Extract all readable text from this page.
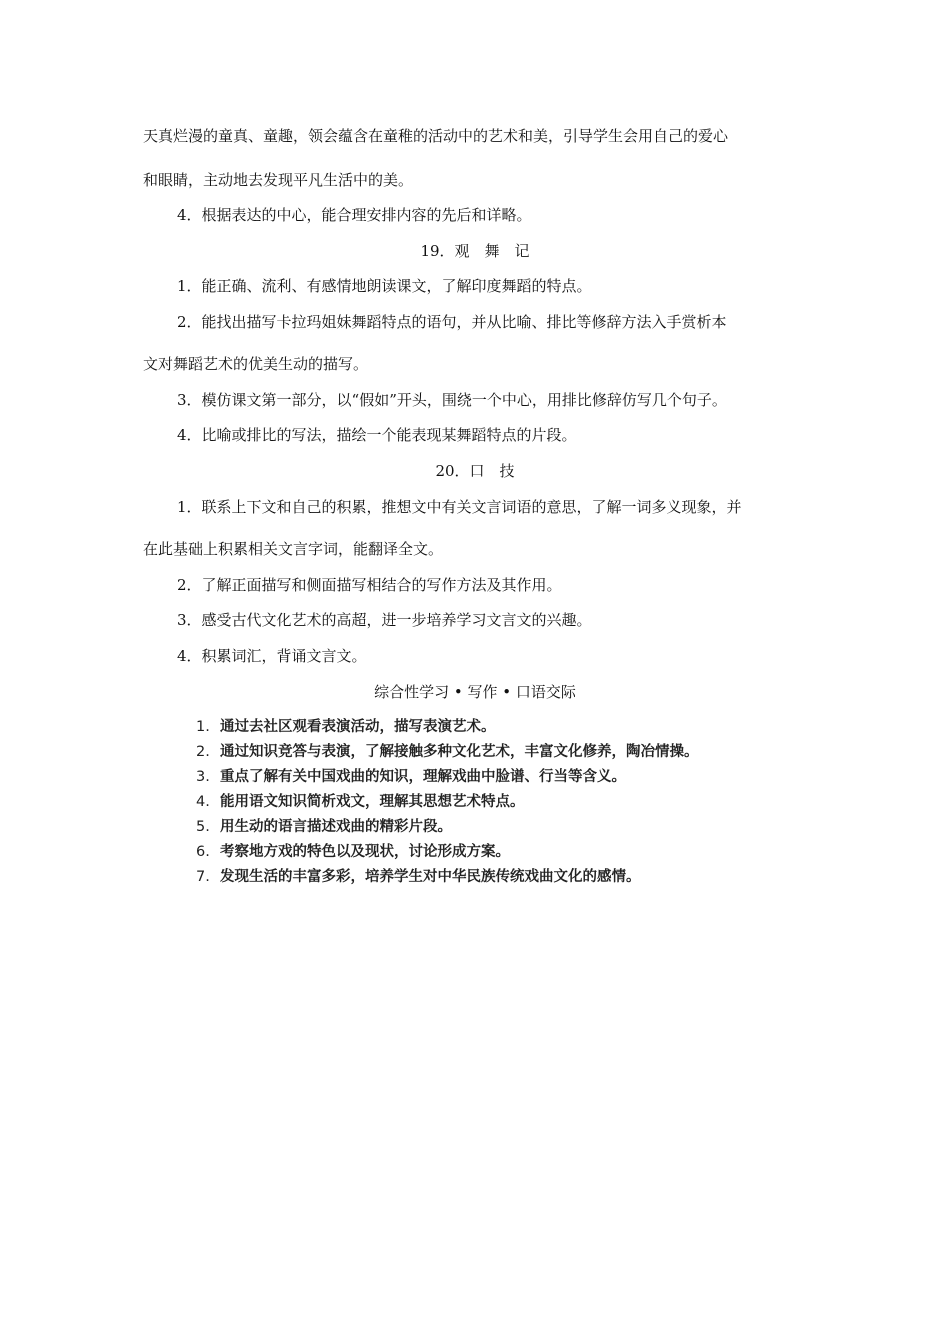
天真烂漫的童真、童趣，领会蕴含在童稚的活动中的艺术和美，引导学生会用自己的爱心
和眼睛，主动地去发现平凡生活中的美。
4．根据表达的中心，能合理安排内容的先后和详略。
19．观　舞　记
1．能正确、流利、有感情地朗读课文，了解印度舞蹈的特点。
2．能找出描写卡拉玛姐妹舞蹈特点的语句，并从比喻、排比等修辞方法入手赏析本
文对舞蹈艺术的优美生动的描写。
3．模仿课文第一部分，以“假如”开头，围绕一个中心，用排比修辞仿写几个句子。
4．比喻或排比的写法，描绘一个能表现某舞蹈特点的片段。
20．口　技
1．联系上下文和自己的积累，推想文中有关文言词语的意思，了解一词多义现象，并
在此基础上积累相关文言字词，能翻译全文。
2．了解正面描写和侧面描写相结合的写作方法及其作用。
3．感受古代文化艺术的高超，进一步培养学习文言文的兴趣。
4．积累词汇，背诵文言文。
综合性学习 • 写作 • 口语交际
1. 通过去社区观看表演活动，描写表演艺术。
2. 通过知识竞答与表演，了解接触多种文化艺术，丰富文化修养，陶冶情操。
3. 重点了解有关中国戏曲的知识，理解戏曲中脸谱、行当等含义。
4. 能用语文知识简析戏文，理解其思想艺术特点。
5. 用生动的语言描述戏曲的精彩片段。
6. 考察地方戏的特色以及现状，讨论形成方案。
7. 发现生活的丰富多彩，培养学生对中华民族传统戏曲文化的感情。
